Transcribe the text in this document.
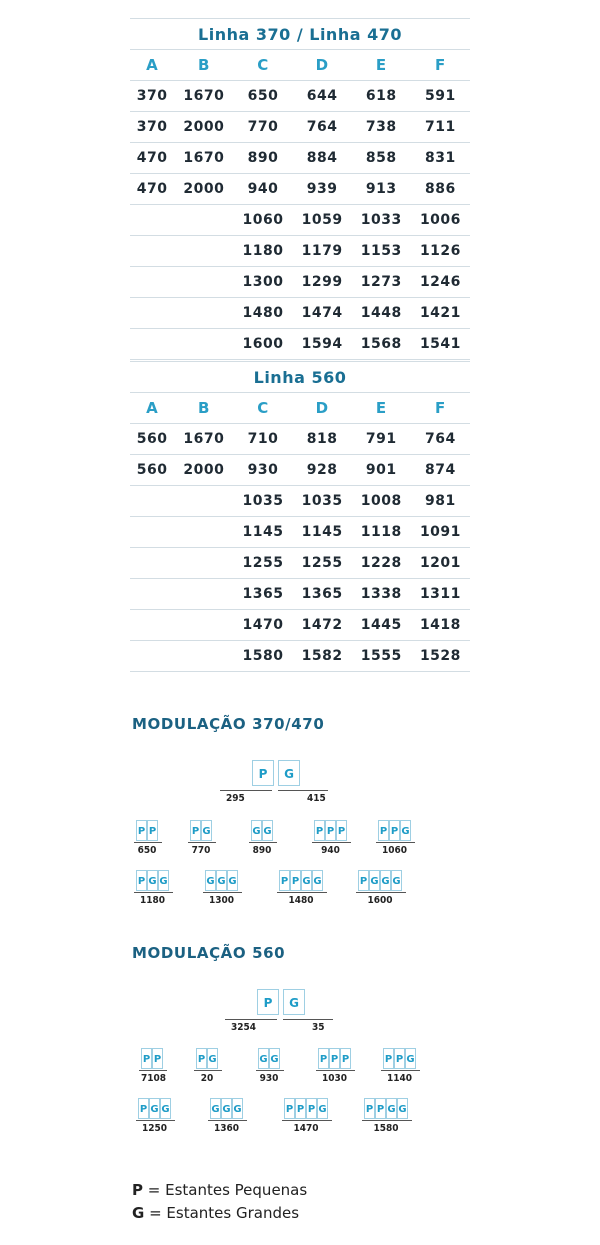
Linha 370 / Linha 470					
A	B	C	D	E	F
370	1670	650	644	618	591
370	2000	770	764	738	711
470	1670	890	884	858	831
470	2000	940	939	913	886
		1060	1059	1033	1006
		1180	1179	1153	1126
		1300	1299	1273	1246
		1480	1474	1448	1421
		1600	1594	1568	1541
Linha 560					
A	B	C	D	E	F
560	1670	710	818	791	764
560	2000	930	928	901	874
		1035	1035	1008	981
		1145	1145	1118	1091
		1255	1255	1228	1201
		1365	1365	1338	1311
		1470	1472	1445	1418
		1580	1582	1555	1528
MODULAÇÃO 370/470
P	G
295	415
P P
650
P G
770
G G
890
P P P
940
P P G
1060
P G G
1180
G G G
1300
P P G G
1480
P G G G
1600
MODULAÇÃO 560
P	G
3254	35
P P
7108
P G
20
G G
930
P P P
1030
P P G
1140
P G G
1250
G G G
1360
P P P G
1470
P P G G
1580
P = Estantes Pequenas
G = Estantes Grandes
